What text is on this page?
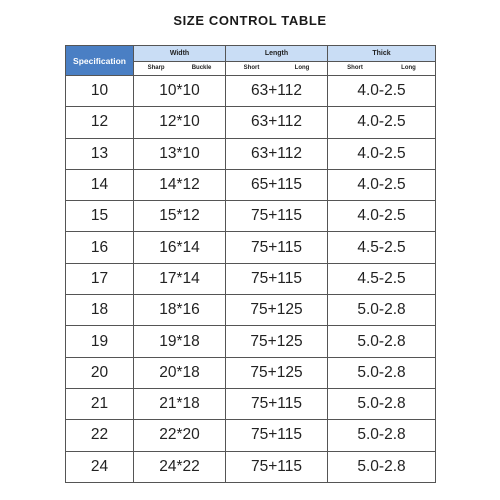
SIZE CONTROL TABLE
Specification	Width	Length	Thick

	Sharp Buckle	Short Long	Short Long

10	10*10	63+112	4.0-2.5
12	12*10	63+112	4.0-2.5
13	13*10	63+112	4.0-2.5
14	14*12	65+115	4.0-2.5
15	15*12	75+115	4.0-2.5
16	16*14	75+115	4.5-2.5
17	17*14	75+115	4.5-2.5
18	18*16	75+125	5.0-2.8
19	19*18	75+125	5.0-2.8
20	20*18	75+125	5.0-2.8
21	21*18	75+115	5.0-2.8
22	22*20	75+115	5.0-2.8
24	24*22	75+115	5.0-2.8
